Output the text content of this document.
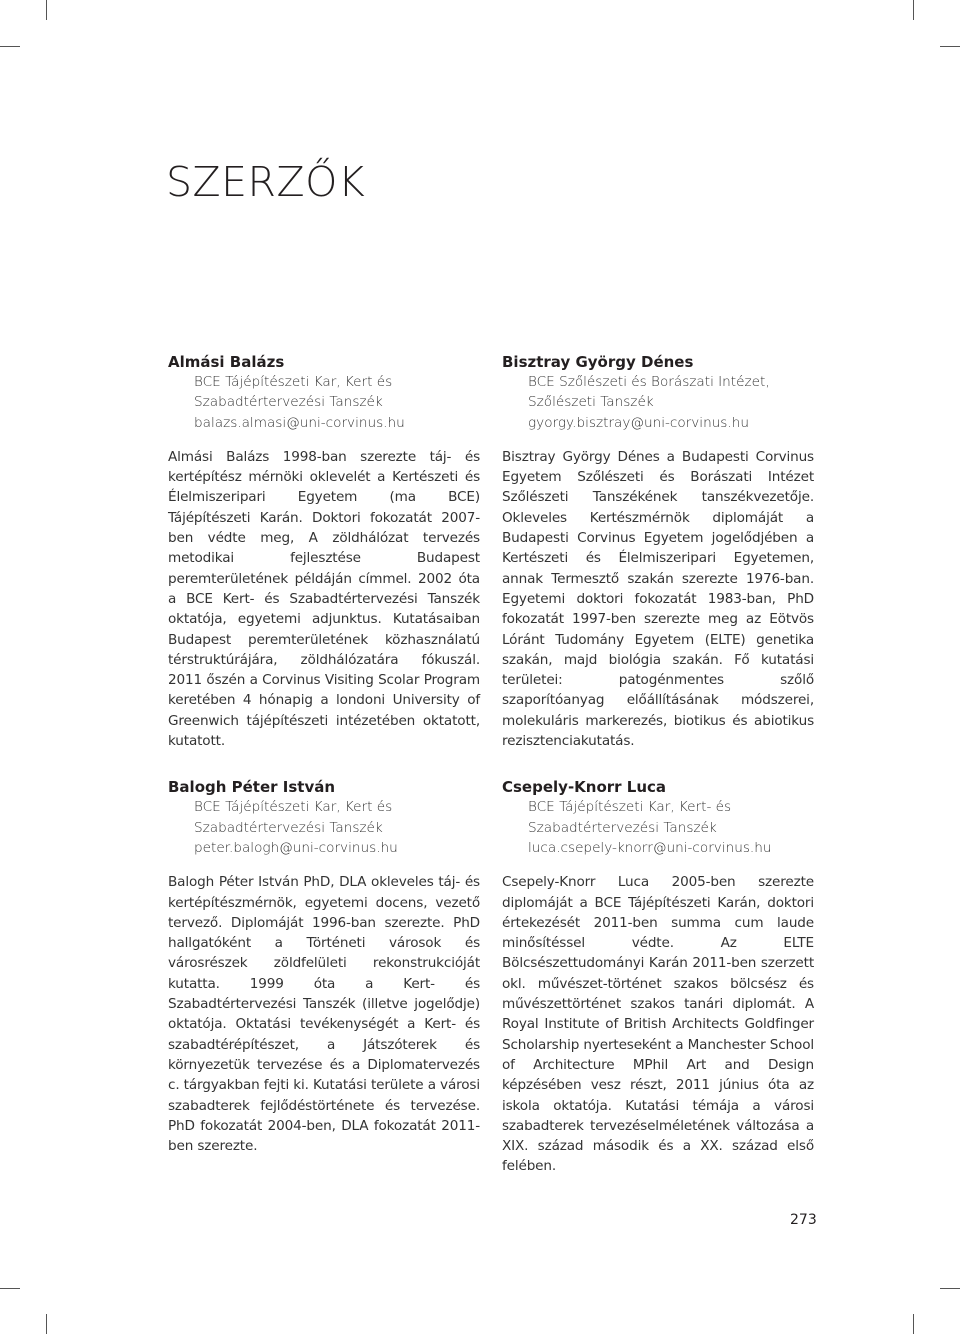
SZERZŐK

Almási Balázs

BCE Tájépítészeti Kar, Kert és
Szabadtértervezési Tanszék
balazs.almasi@uni-corvinus.hu

Almási Balázs 1998-ban szerezte táj- és kertépítész mérnöki oklevelét a Kertészeti és Élelmiszeripari Egyetem (ma BCE) Tájépítészeti Karán. Doktori fokozatát 2007-ben védte meg, A zöldhálózat tervezés metodikai fejlesztése Budapest peremterületének példáján címmel. 2002 óta a BCE Kert- és Szabadtértervezési Tanszék oktatója, egyetemi adjunktus. Kutatásaiban Budapest peremterületének közhasználatú térstruktúrájára, zöldhálózatára fókuszál. 2011 őszén a Corvinus Visiting Scolar Program keretében 4 hónapig a londoni University of Greenwich tájépítészeti intézetében oktatott, kutatott.

Balogh Péter István

BCE Tájépítészeti Kar, Kert és
Szabadtértervezési Tanszék
peter.balogh@uni-corvinus.hu

Balogh Péter István PhD, DLA okleveles táj- és kertépítészmérnök, egyetemi docens, vezető tervező. Diplomáját 1996-ban szerezte. PhD hallgatóként a Történeti városok és városrészek zöldfelületi rekonstrukcióját kutatta. 1999 óta a Kert- és Szabadtértervezési Tanszék (illetve jogelődje) oktatója. Oktatási tevékenységét a Kert- és szabadtérépítészet, a Játszóterek és környezetük tervezése és a Diplomatervezés c. tárgyakban fejti ki. Kutatási területe a városi szabadterek fejlődéstörténete és tervezése. PhD fokozatát 2004-ben, DLA fokozatát 2011-ben szerezte.

Bisztray György Dénes

BCE Szőlészeti és Borászati Intézet,
Szőlészeti Tanszék
gyorgy.bisztray@uni-corvinus.hu

Bisztray György Dénes a Budapesti Corvinus Egyetem Szőlészeti és Borászati Intézet Szőlészeti Tanszékének tanszékvezetője. Okleveles Kertészmérnök diplomáját a Budapesti Corvinus Egyetem jogelődjében a Kertészeti és Élelmiszeripari Egyetemen, annak Termesztő szakán szerezte 1976-ban. Egyetemi doktori fokozatát 1983-ban, PhD fokozatát 1997-ben szerezte meg az Eötvös Lóránt Tudomány Egyetem (ELTE) genetika szakán, majd biológia szakán. Fő kutatási területei: patogénmentes szőlő szaporítóanyag előállításának módszerei, molekuláris markerezés, biotikus és abiotikus rezisztenciakutatás.

Csepely-Knorr Luca

BCE Tájépítészeti Kar, Kert- és
Szabadtértervezési Tanszék
luca.csepely-knorr@uni-corvinus.hu

Csepely-Knorr Luca 2005-ben szerezte diplomáját a BCE Tájépítészeti Karán, doktori értekezését 2011-ben summa cum laude minősítéssel védte. Az ELTE Bölcsészettudományi Karán 2011-ben szerzett okl. művészet-történet szakos bölcsész és művészettörténet szakos tanári diplomát. A Royal Institute of British Architects Goldfinger Scholarship nyerteseként a Manchester School of Architecture MPhil Art and Design képzésében vesz részt, 2011 június óta az iskola oktatója. Kutatási témája a városi szabadterek tervezéselméletének változása a XIX. század második és a XX. század első felében.

273
